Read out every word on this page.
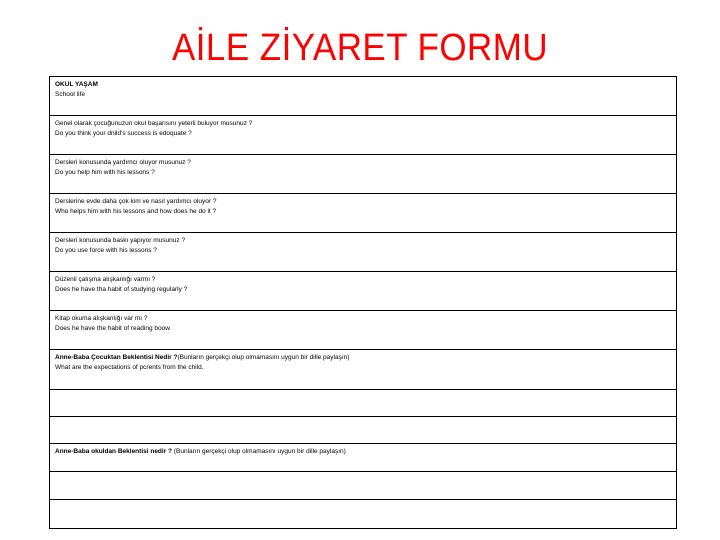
AİLE ZİYARET FORMU
OKUL YAŞAM
School life

Genel olarak çocuğunuzun okul başarısını yeterli buluyor musunuz ?
Do you think your dnild's success is edoquate ?

Dersleri konusunda yardımcı oluyor musunuz ?
Do you help him with his lessons ?

Derslerine evde daha çok kim ve nasıl yardımcı oluyor ?
Who helps him with his lessons and how does he do it ?

Dersleri konusunda baskı yapıyor musunuz ?
Do you use force with his lessons ?

Düzenli çalışma alışkanlığı varmı ?
Does he have tha habit of studying regularly ?

Kitap okuma alışkanlığı var mı ?
Does he have the habit of reading boow

Anne-Baba Çocuktan Beklentisi Nedir ?(Bunların gerçekçi olup olmamasını uygun bir dille paylaşın)
What are the expectations of pcrents from the child.

Anne-Baba okuldan Beklentisi nedir ? (Bunların gerçekçi olup olmamasını uygun bir dille paylaşın)
